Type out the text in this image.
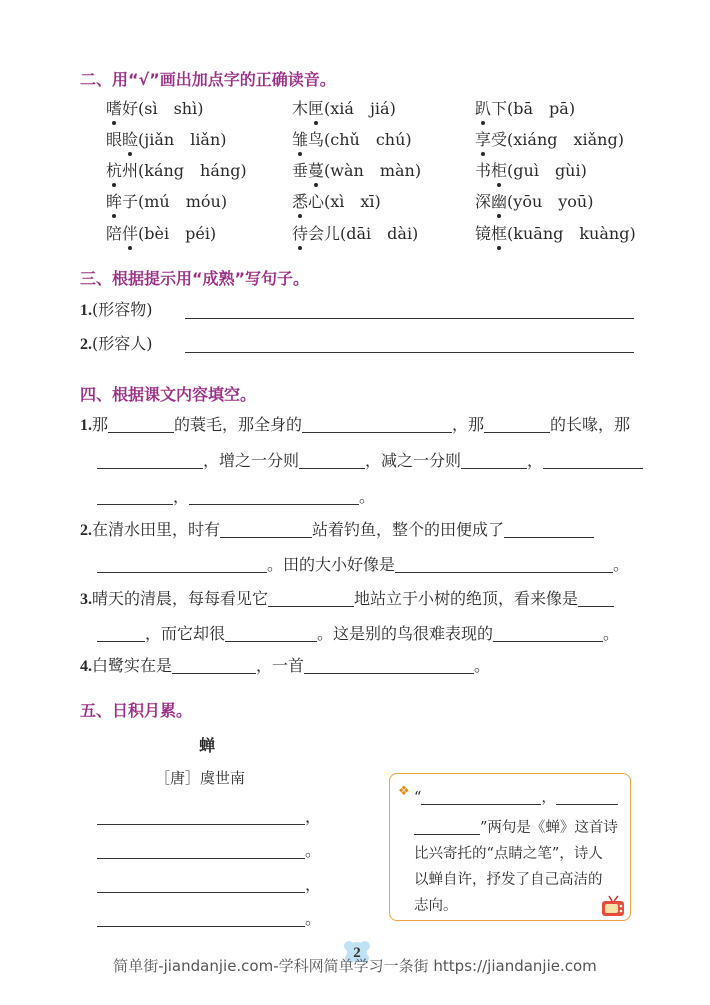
二、用“√”画出加点字的正确读音。
嗜好(sì　shì)	木匣(xiá　jiá)	趴下(bā　pā)
眼睑(jiǎn　liǎn)	雏鸟(chǔ　chú)	享受(xiáng　xiǎng)
杭州(káng　háng)	垂蔓(wàn　màn)	书柜(guì　gùi)
眸子(mú　móu)	悉心(xì　xī)	深幽(yōu　yoū)
陪伴(bèi　péi)	待会儿(dāi　dài)	镜框(kuāng　kuàng)
三、根据提示用“成熟”写句子。
1.(形容物)
2.(形容人)
四、根据课文内容填空。
1.那	的蓑毛，那全身的	，那	的长喙，那
，增之一分则	，减之一分则	，
，	。
2.在清水田里，时有	站着钓鱼，整个的田便成了
。田的大小好像是	。
3.晴天的清晨，每每看见它	地站立于小树的绝顶，看来像是
，而它却很	。这是别的鸟很难表现的	。
4.白鹭实在是	，一首	。
五、日积月累。
蝉
［唐］虞世南
，
。
，
。
❖ “	，
”两句是《蝉》这首诗
比兴寄托的“点睛之笔”，诗人
以蝉自许，抒发了自己高洁的
志向。
2
简单街-jiandanjie.com-学科网简单学习一条街 https://jiandanjie.com
